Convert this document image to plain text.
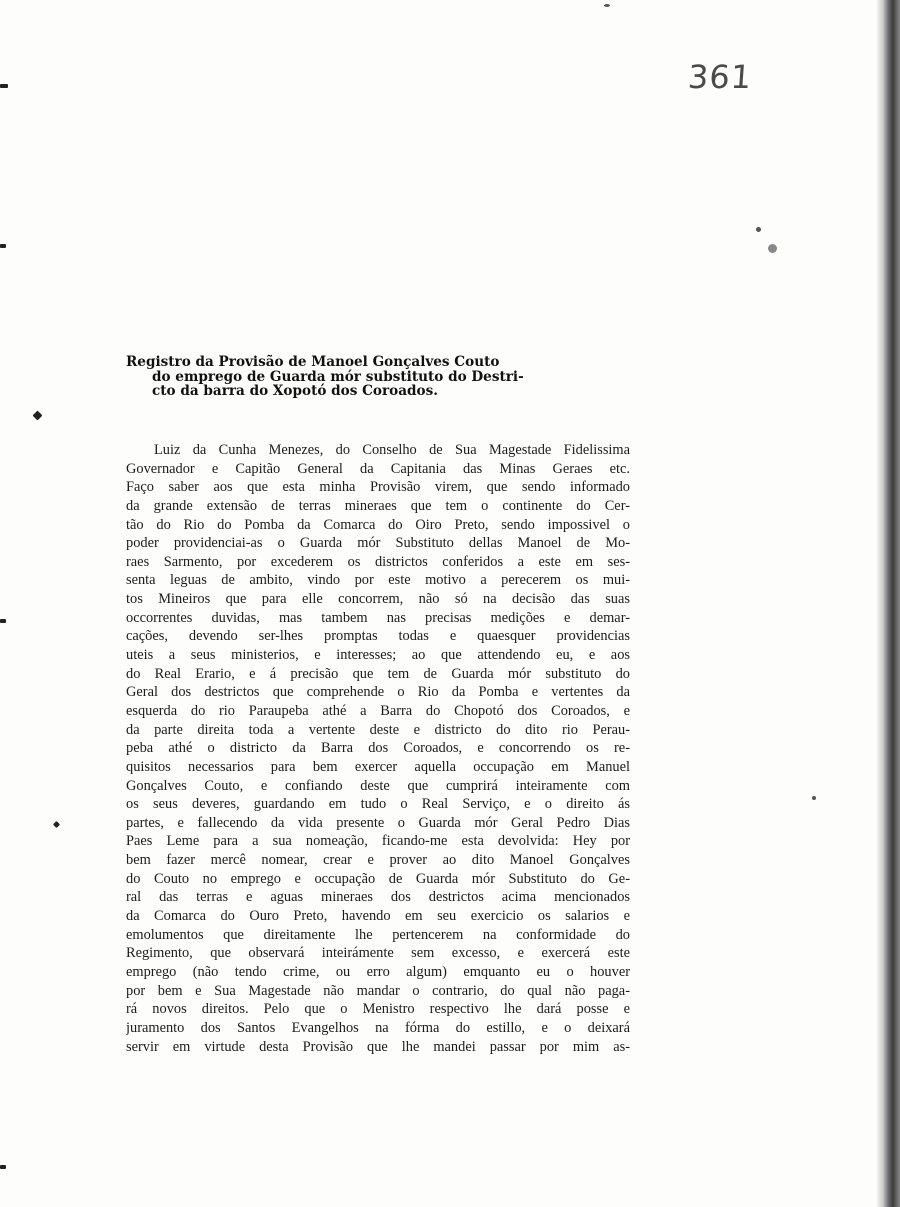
361
Registro da Provisão de Manoel Gonçalves Couto
do emprego de Guarda mór substituto do Destri-
cto da barra do Xopotó dos Coroados.
Luiz da Cunha Menezes, do Conselho de Sua Magestade Fidelissima
Governador e Capitão General da Capitania das Minas Geraes etc.
Faço saber aos que esta minha Provisão virem, que sendo informado
da grande extensão de terras mineraes que tem o continente do Cer-
tão do Rio do Pomba da Comarca do Oiro Preto, sendo impossivel o
poder providenciai-as o Guarda mór Substituto dellas Manoel de Mo-
raes Sarmento, por excederem os districtos conferidos a este em ses-
senta leguas de ambito, vindo por este motivo a perecerem os mui-
tos Mineiros que para elle concorrem, não só na decisão das suas
occorrentes duvidas, mas tambem nas precisas medições e demar-
cações, devendo ser-lhes promptas todas e quaesquer providencias
uteis a seus ministerios, e interesses; ao que attendendo eu, e aos
do Real Erario, e á precisão que tem de Guarda mór substituto do
Geral dos destrictos que comprehende o Rio da Pomba e vertentes da
esquerda do rio Paraupeba athé a Barra do Chopotó dos Coroados, e
da parte direita toda a vertente deste e districto do dito rio Perau-
peba athé o districto da Barra dos Coroados, e concorrendo os re-
quisitos necessarios para bem exercer aquella occupação em Manuel
Gonçalves Couto, e confiando deste que cumprirá inteiramente com
os seus deveres, guardando em tudo o Real Serviço, e o direito ás
partes, e fallecendo da vida presente o Guarda mór Geral Pedro Dias
Paes Leme para a sua nomeação, ficando-me esta devolvida: Hey por
bem fazer mercê nomear, crear e prover ao dito Manoel Gonçalves
do Couto no emprego e occupação de Guarda mór Substituto do Ge-
ral das terras e aguas mineraes dos destrictos acima mencionados
da Comarca do Ouro Preto, havendo em seu exercicio os salarios e
emolumentos que direitamente lhe pertencerem na conformidade do
Regimento, que observará inteirámente sem excesso, e exercerá este
emprego (não tendo crime, ou erro algum) emquanto eu o houver
por bem e Sua Magestade não mandar o contrario, do qual não paga-
rá novos direitos. Pelo que o Menistro respectivo lhe dará posse e
juramento dos Santos Evangelhos na fórma do estillo, e o deixará
servir em virtude desta Provisão que lhe mandei passar por mim as-
